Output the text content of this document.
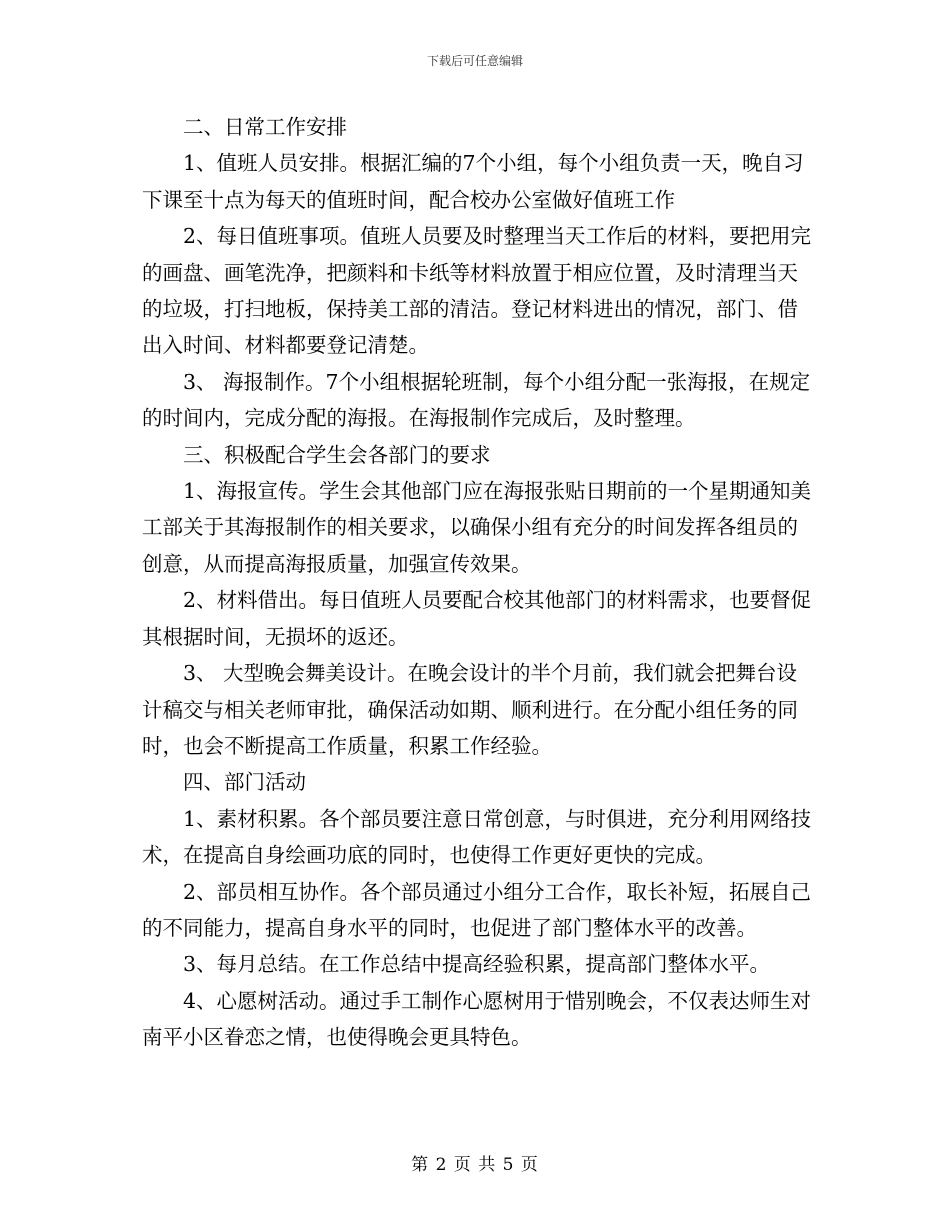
下载后可任意编辑

二、日常工作安排

1、值班人员安排。根据汇编的7个小组，每个小组负责一天，晚自习下课至十点为每天的值班时间，配合校办公室做好值班工作

2、每日值班事项。值班人员要及时整理当天工作后的材料，要把用完的画盘、画笔洗净，把颜料和卡纸等材料放置于相应位置，及时清理当天的垃圾，打扫地板，保持美工部的清洁。登记材料进出的情况，部门、借出入时间、材料都要登记清楚。

3、 海报制作。7个小组根据轮班制，每个小组分配一张海报，在规定的时间内，完成分配的海报。在海报制作完成后，及时整理。

三、积极配合学生会各部门的要求

1、海报宣传。学生会其他部门应在海报张贴日期前的一个星期通知美工部关于其海报制作的相关要求，以确保小组有充分的时间发挥各组员的创意，从而提高海报质量，加强宣传效果。

2、材料借出。每日值班人员要配合校其他部门的材料需求，也要督促其根据时间，无损坏的返还。

3、 大型晚会舞美设计。在晚会设计的半个月前，我们就会把舞台设计稿交与相关老师审批，确保活动如期、顺利进行。在分配小组任务的同时，也会不断提高工作质量，积累工作经验。

四、部门活动

1、素材积累。各个部员要注意日常创意，与时俱进，充分利用网络技术，在提高自身绘画功底的同时，也使得工作更好更快的完成。

2、部员相互协作。各个部员通过小组分工合作，取长补短，拓展自己的不同能力，提高自身水平的同时，也促进了部门整体水平的改善。

3、每月总结。在工作总结中提高经验积累，提高部门整体水平。

4、心愿树活动。通过手工制作心愿树用于惜别晚会，不仅表达师生对南平小区眷恋之情，也使得晚会更具特色。

第 2 页 共 5 页
